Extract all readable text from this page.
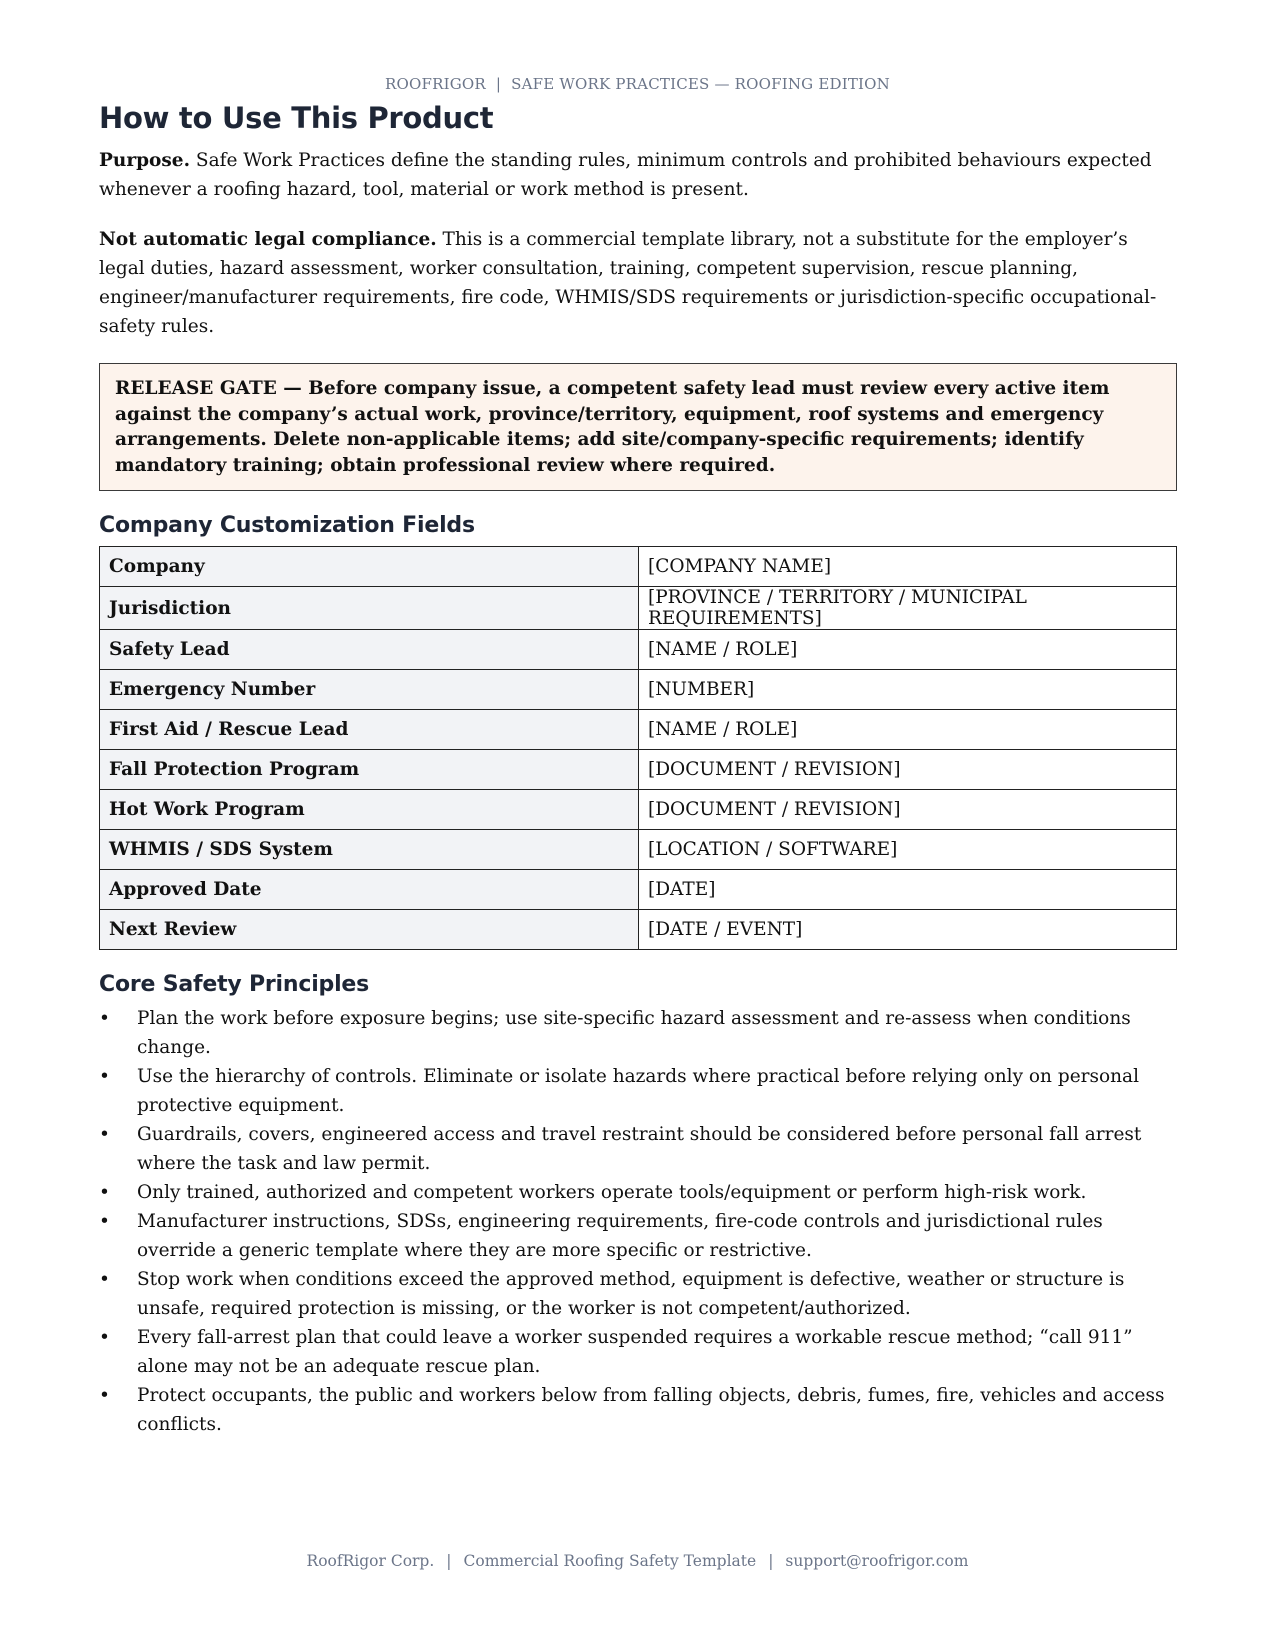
ROOFRIGOR | SAFE WORK PRACTICES — ROOFING EDITION
How to Use This Product

Purpose. Safe Work Practices define the standing rules, minimum controls and prohibited behaviours expected whenever a roofing hazard, tool, material or work method is present.

Not automatic legal compliance. This is a commercial template library, not a substitute for the employer’s legal duties, hazard assessment, worker consultation, training, competent supervision, rescue planning, engineer/manufacturer requirements, fire code, WHMIS/SDS requirements or jurisdiction-specific occupational-safety rules.

RELEASE GATE — Before company issue, a competent safety lead must review every active item against the company’s actual work, province/territory, equipment, roof systems and emergency arrangements. Delete non-applicable items; add site/company-specific requirements; identify mandatory training; obtain professional review where required.
Company Customization Fields
Company	[COMPANY NAME]
Jurisdiction	[PROVINCE / TERRITORY / MUNICIPAL REQUIREMENTS]
Safety Lead	[NAME / ROLE]
Emergency Number	[NUMBER]
First Aid / Rescue Lead	[NAME / ROLE]
Fall Protection Program	[DOCUMENT / REVISION]
Hot Work Program	[DOCUMENT / REVISION]
WHMIS / SDS System	[LOCATION / SOFTWARE]
Approved Date	[DATE]
Next Review	[DATE / EVENT]
Core Safety Principles
• Plan the work before exposure begins; use site-specific hazard assessment and re-assess when conditions change.
• Use the hierarchy of controls. Eliminate or isolate hazards where practical before relying only on personal protective equipment.
• Guardrails, covers, engineered access and travel restraint should be considered before personal fall arrest where the task and law permit.
• Only trained, authorized and competent workers operate tools/equipment or perform high-risk work.
• Manufacturer instructions, SDSs, engineering requirements, fire-code controls and jurisdictional rules override a generic template where they are more specific or restrictive.
• Stop work when conditions exceed the approved method, equipment is defective, weather or structure is unsafe, required protection is missing, or the worker is not competent/authorized.
• Every fall-arrest plan that could leave a worker suspended requires a workable rescue method; “call 911” alone may not be an adequate rescue plan.
• Protect occupants, the public and workers below from falling objects, debris, fumes, fire, vehicles and access conflicts.
RoofRigor Corp. | Commercial Roofing Safety Template | support@roofrigor.com
